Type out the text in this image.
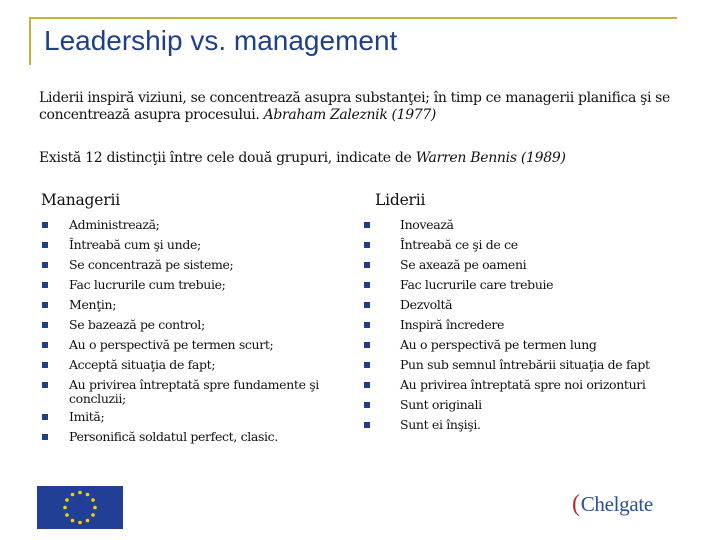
Leadership vs. management
Liderii inspiră viziuni, se concentrează asupra substanţei; în timp ce managerii planifica şi se concentrează asupra procesului. Abraham Zaleznik (1977)
Există 12 distincţii între cele două grupuri, indicate de Warren Bennis (1989)
Managerii	Liderii
Administrează;
Întreabă cum şi unde;
Se concentrază pe sisteme;
Fac lucrurile cum trebuie;
Menţin;
Se bazează pe control;
Au o perspectivă pe termen scurt;
Acceptă situaţia de fapt;
Au privirea întreptată spre fundamente şi concluzii;
Imită;
Personifică soldatul perfect, clasic.
Inovează
Întreabă ce şi de ce
Se axează pe oameni
Fac lucrurile care trebuie
Dezvoltă
Inspiră încredere
Au o perspectivă pe termen lung
Pun sub semnul întrebării situaţia de fapt
Au privirea întreptată spre noi orizonturi
Sunt originali
Sunt ei înşişi.
(Chelgate
